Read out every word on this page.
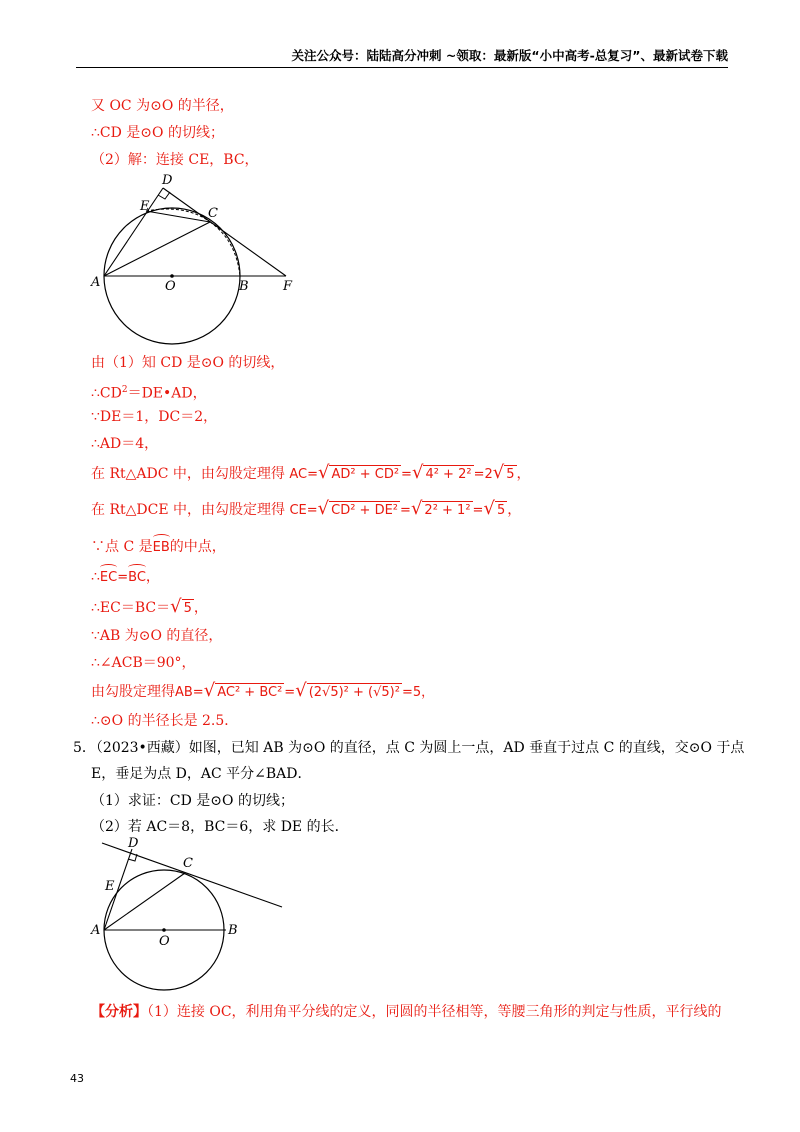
关注公众号：陆陆高分冲刺 ~领取：最新版“小中高考-总复习”、最新试卷下载
又 OC 为⊙O 的半径，
∴CD 是⊙O 的切线；
（2）解：连接 CE，BC，
D
E	C
A	O	B	F
由（1）知 CD 是⊙O 的切线，
$\therefore CD^2=DE•AD$，
∵DE＝1，DC＝2，
∴AD＝4，
在 Rt△ADC 中，由勾股定理得 AC=√ AD² + CD² =√ 4² + 2² =2√ 5 ，
在 Rt△DCE 中，由勾股定理得 CE=√ CD² + DE² =√ 2² + 1² =√ 5 ，
∵点 C 是EB的中点，
∴EC=BC，
∴EC＝BC＝√ 5 ，
∵AB 为⊙O 的直径，
∴∠ACB＝90°，
由勾股定理得AB=√ AC² + BC² =√ (2√5)² + (√5)² =5，
∴⊙O 的半径长是 2.5．
5．（2023•西藏）如图，已知 AB 为⊙O 的直径，点 C 为圆上一点，AD 垂直于过点 C 的直线，交⊙O 于点
E，垂足为点 D，AC 平分∠BAD．
（1）求证：CD 是⊙O 的切线；
（2）若 AC＝8，BC＝6，求 DE 的长．
D
C
E
A
O
B
【分析】（1）连接 OC，利用角平分线的定义，同圆的半径相等，等腰三角形的判定与性质，平行线的
43
